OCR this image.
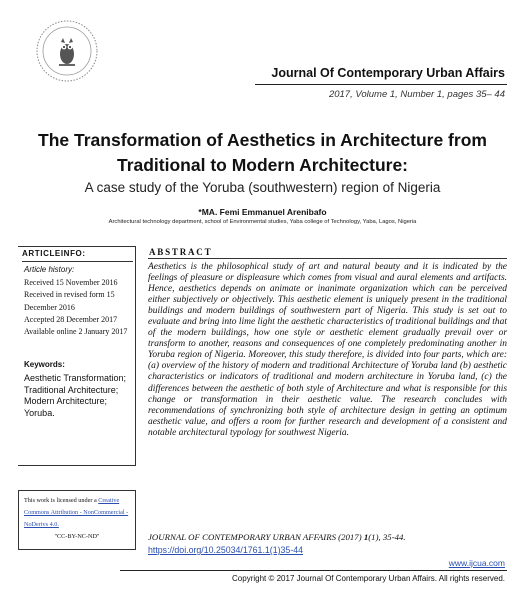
Journal Of Contemporary Urban Affairs
2017, Volume 1, Number 1, pages 35– 44
The Transformation of Aesthetics in Architecture from
Traditional to Modern Architecture:
A case study of the Yoruba (southwestern) region of Nigeria
*MA. Femi Emmanuel Arenibafo
Architectural technology department, school of Environmental studies, Yaba college of Technology, Yaba, Lagos, Nigeria
ARTICLEINFO:
Article history:
Received 15 November 2016
Received in revised form 15 December 2016
Accepted 28 December 2017
Available online 2 January 2017
Keywords:
Aesthetic Transformation;
Traditional Architecture;
Modern Architecture;
Yoruba.
This work is licensed under a Creative Commons Attribution - NonCommercial - NoDerivs 4.0.
"CC-BY-NC-ND"
ABSTRACT
Aesthetics is the philosophical study of art and natural beauty and it is indicated by the feelings of pleasure or displeasure which comes from visual and aural elements and artifacts. Hence, aesthetics depends on animate or inanimate organization which can be perceived either subjectively or objectively. This aesthetic element is uniquely present in the traditional buildings and modern buildings of southwestern part of Nigeria. This study is set out to evaluate and bring into lime light the aesthetic characteristics of traditional buildings and that of the modern buildings, how one style or aesthetic element gradually prevail over or transform to another, reasons and consequences of one completely predominating another in Yoruba region of Nigeria. Moreover, this study therefore, is divided into four parts, which are: (a) overview of the history of modern and traditional Architecture of Yoruba land (b) aesthetic characteristics or indicators of traditional and modern architecture in Yoruba land, (c) the differences between the aesthetic of both style of Architecture and what is responsible for this change or transformation in their aesthetic value. The research concludes with recommendations of synchronizing both style of architecture design in getting an optimum aesthetic value, and offers a room for further research and development of a consistent and notable architectural typology for southwest Nigeria.
JOURNAL OF CONTEMPORARY URBAN AFFAIRS (2017) 1(1), 35-44.
https://doi.org/10.25034/1761.1(1)35-44
www.ijcua.com
Copyright © 2017 Journal Of Contemporary Urban Affairs. All rights reserved.
